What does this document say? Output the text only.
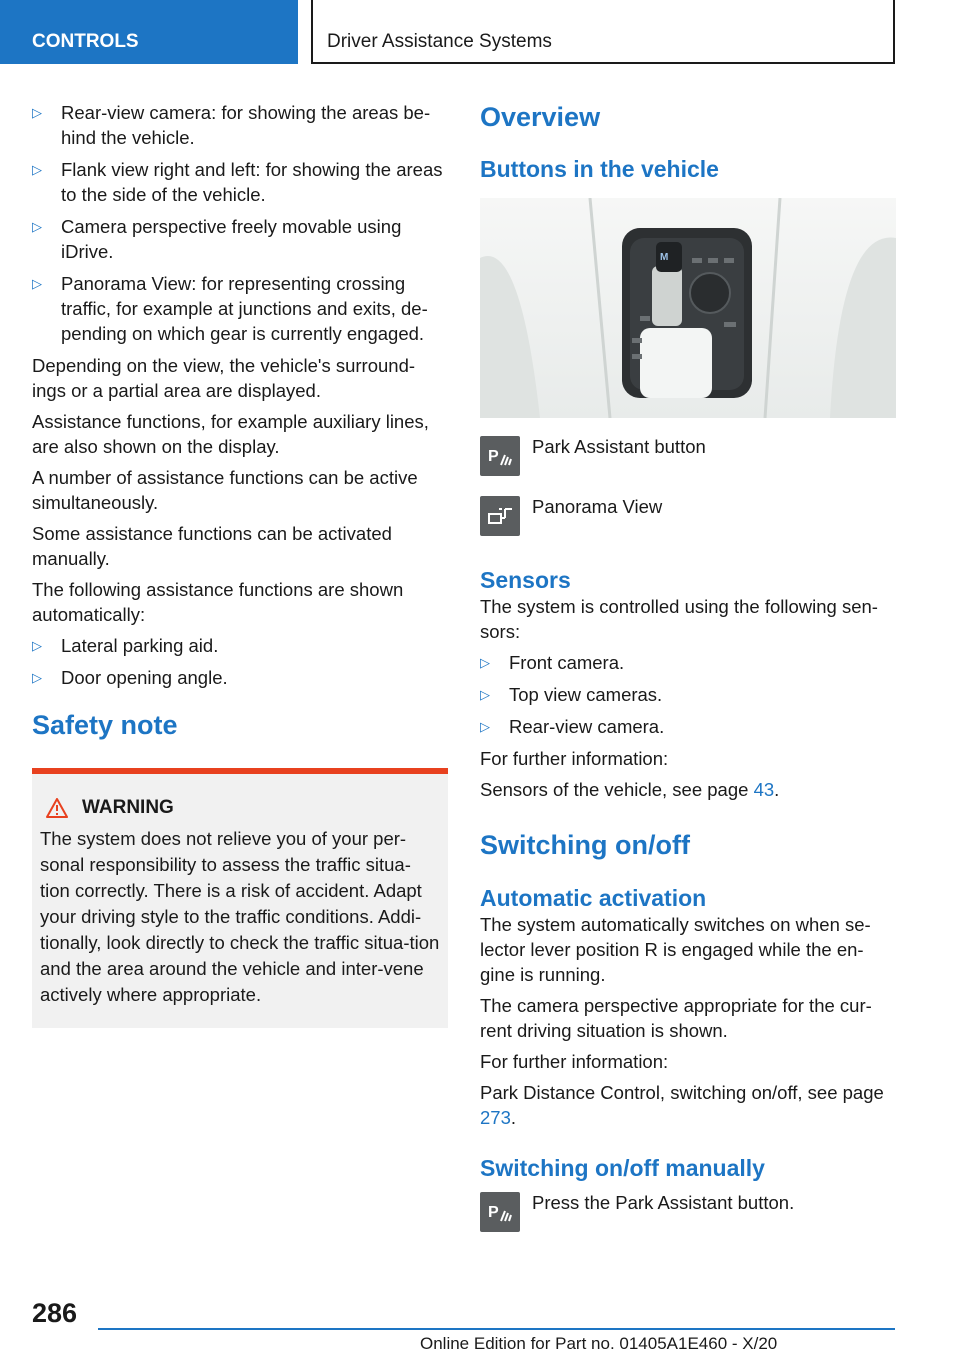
CONTROLS	Driver Assistance Systems
▷ Rear-view camera: for showing the areas be-hind the vehicle.
▷ Flank view right and left: for showing the areas to the side of the vehicle.
▷ Camera perspective freely movable using iDrive.
▷ Panorama View: for representing crossing traffic, for example at junctions and exits, de-pending on which gear is currently engaged.

Depending on the view, the vehicle's surround-ings or a partial area are displayed.

Assistance functions, for example auxiliary lines, are also shown on the display.

A number of assistance functions can be active simultaneously.

Some assistance functions can be activated manually.

The following assistance functions are shown automatically:

▷ Lateral parking aid.
▷ Door opening angle.
Safety note
WARNING
The system does not relieve you of your per-sonal responsibility to assess the traffic situa-tion correctly. There is a risk of accident. Adapt your driving style to the traffic conditions. Addi-tionally, look directly to check the traffic situa-tion and the area around the vehicle and inter-vene actively where appropriate.
Overview
Buttons in the vehicle
M
P Park Assistant button
Panorama View
Sensors

The system is controlled using the following sen-sors:

▷ Front camera.
▷ Top view cameras.
▷ Rear-view camera.

For further information:

Sensors of the vehicle, see page 43.

Switching on/off
Automatic activation

The system automatically switches on when se-lector lever position R is engaged while the en-gine is running.

The camera perspective appropriate for the cur-rent driving situation is shown.

For further information:

Park Distance Control, switching on/off, see page 273.

Switching on/off manually
P Press the Park Assistant button.
286
Online Edition for Part no. 01405A1E460 - X/20
